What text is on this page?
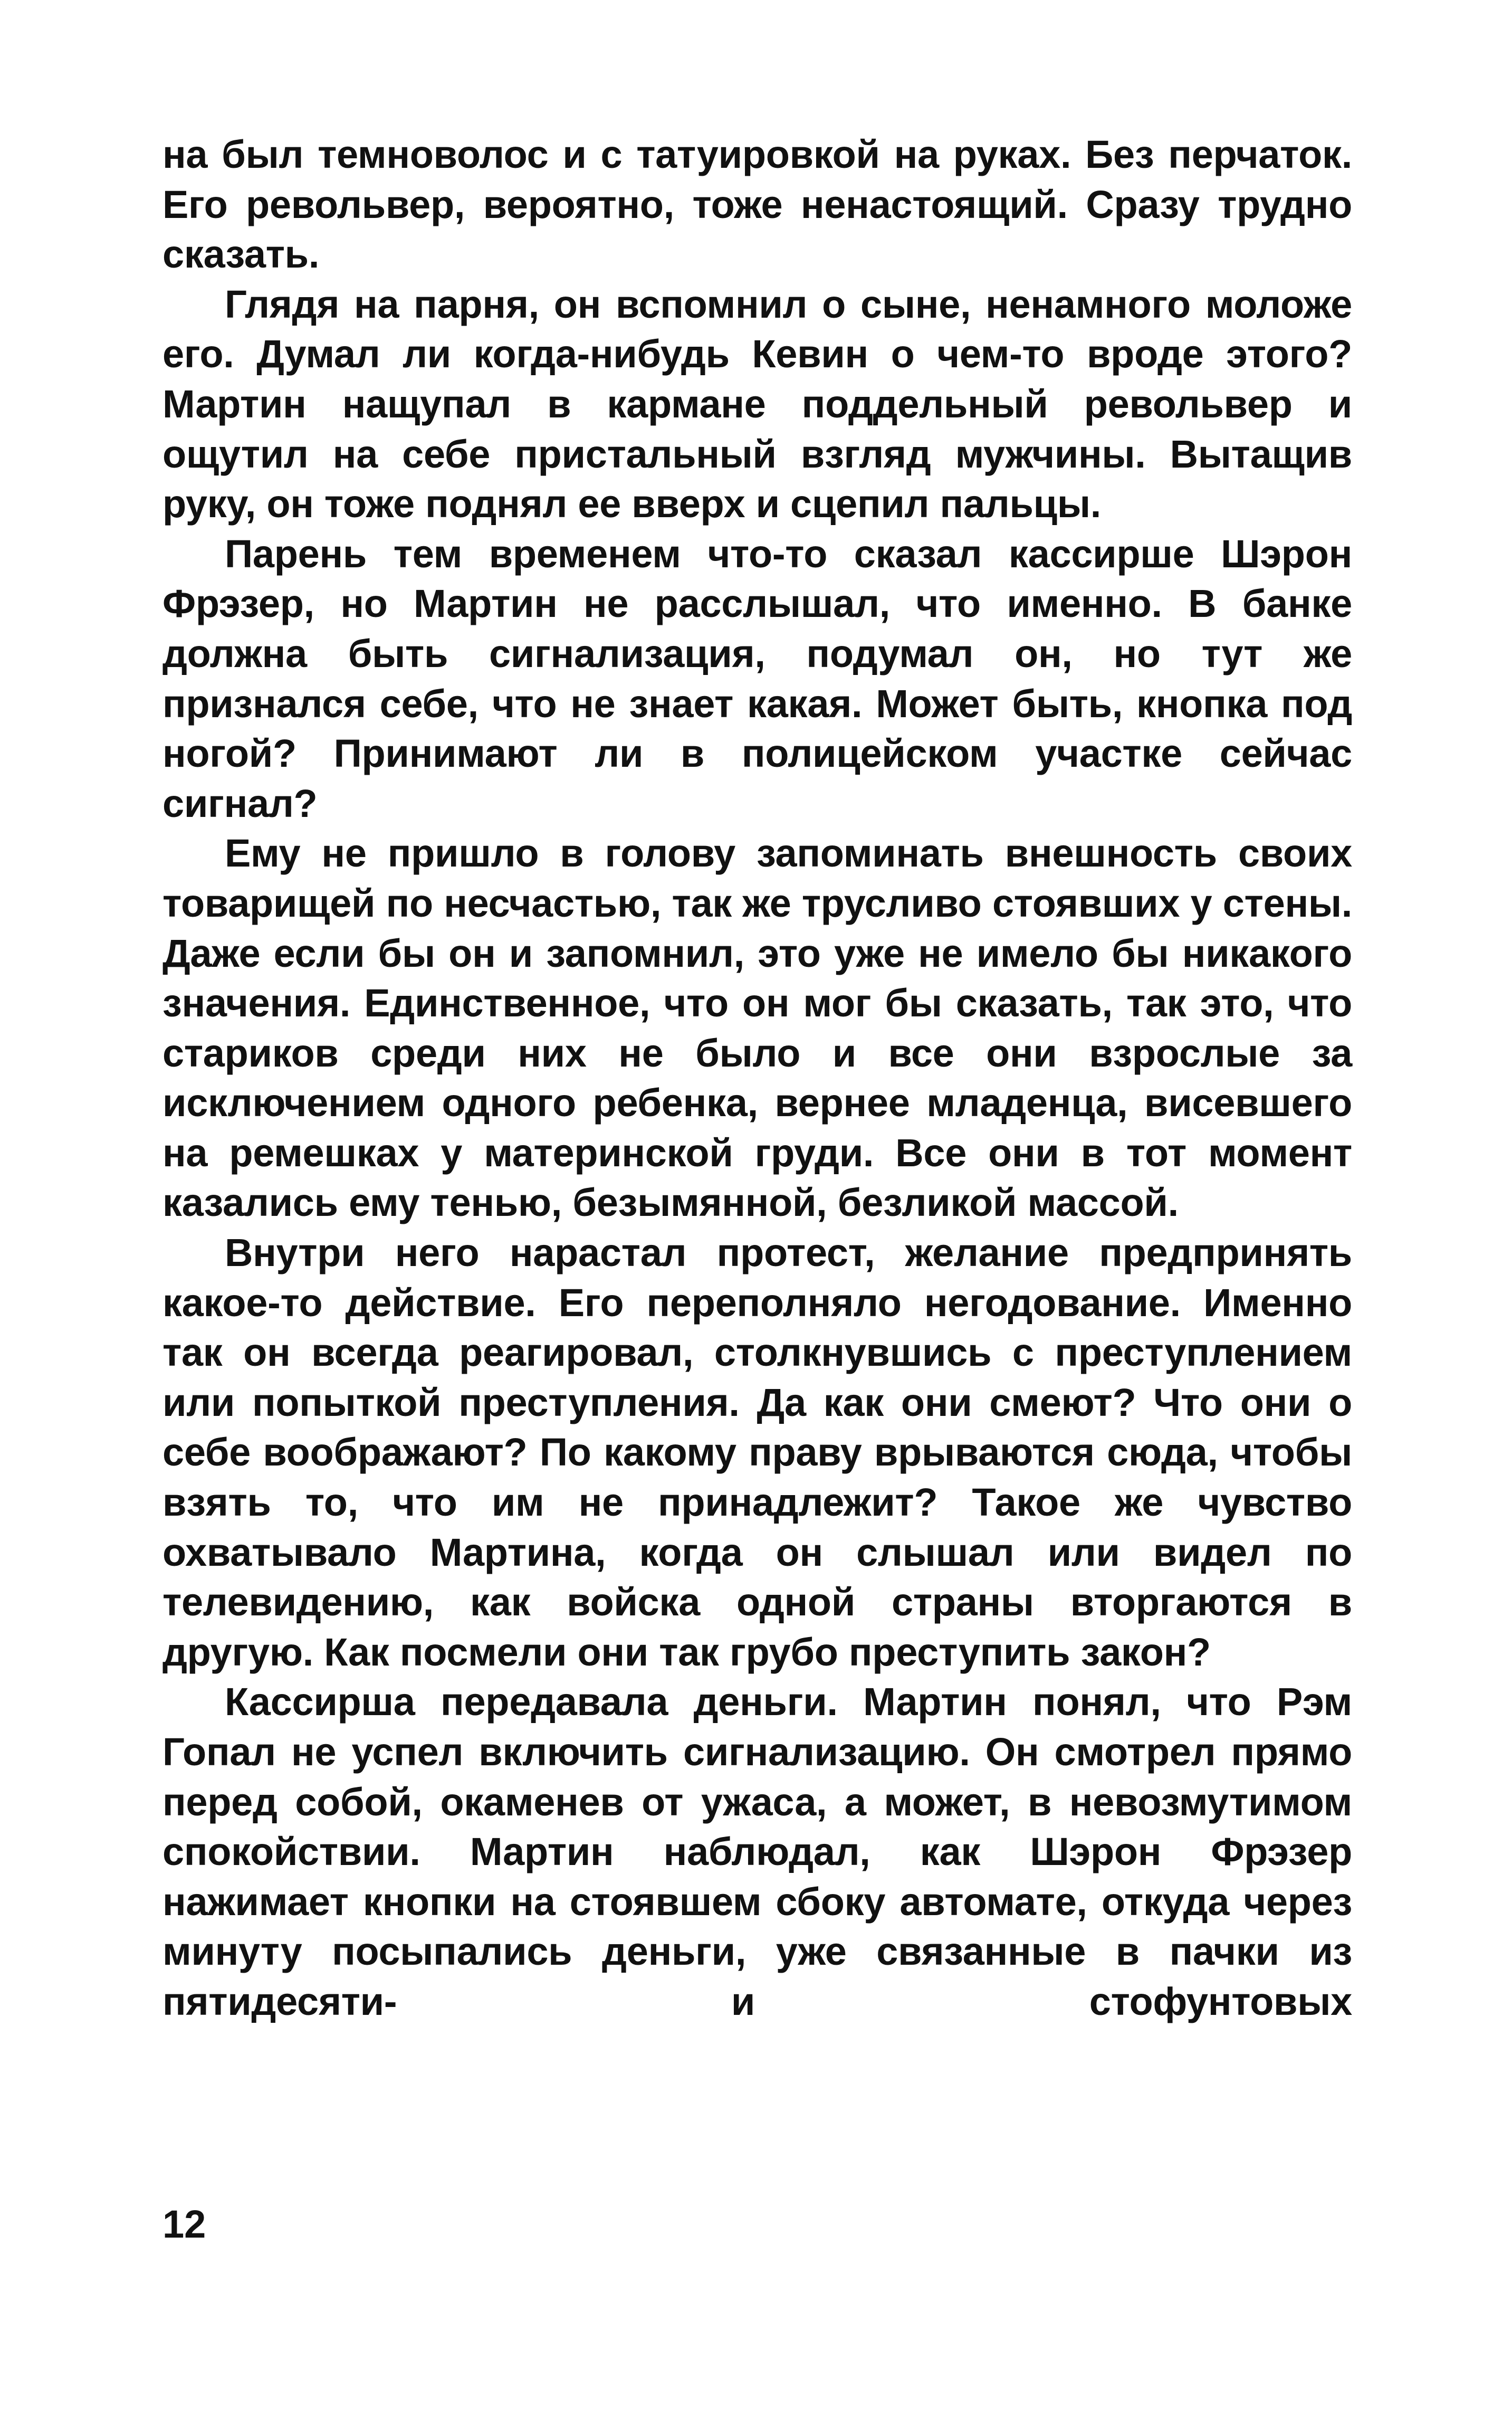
на был темноволос и с татуировкой на руках. Без перчаток. Его револьвер, вероятно, тоже ненастоящий. Сразу трудно сказать.

Глядя на парня, он вспомнил о сыне, ненамного моложе его. Думал ли когда-нибудь Кевин о чем-то вроде этого? Мартин нащупал в кармане поддельный револьвер и ощутил на себе пристальный взгляд мужчины. Вытащив руку, он тоже поднял ее вверх и сцепил пальцы.

Парень тем временем что-то сказал кассирше Шэрон Фрэзер, но Мартин не расслышал, что именно. В банке должна быть сигнализация, подумал он, но тут же признался себе, что не знает какая. Может быть, кнопка под ногой? Принимают ли в полицейском участке сейчас сигнал?

Ему не пришло в голову запоминать внешность своих товарищей по несчастью, так же трусливо стоявших у стены. Даже если бы он и запомнил, это уже не имело бы никакого значения. Единственное, что он мог бы сказать, так это, что стариков среди них не было и все они взрослые за исключением одного ребенка, вернее младенца, висевшего на ремешках у материнской груди. Все они в тот момент казались ему тенью, безымянной, безликой массой.

Внутри него нарастал протест, желание предпринять какое-то действие. Его переполняло негодование. Именно так он всегда реагировал, столкнувшись с преступлением или попыткой преступления. Да как они смеют? Что они о себе воображают? По какому праву врываются сюда, чтобы взять то, что им не принадлежит? Такое же чувство охватывало Мартина, когда он слышал или видел по телевидению, как войска одной страны вторгаются в другую. Как посмели они так грубо преступить закон?

Кассирша передавала деньги. Мартин понял, что Рэм Гопал не успел включить сигнализацию. Он смотрел прямо перед собой, окаменев от ужаса, а может, в невозмутимом спокойствии. Мартин наблюдал, как Шэрон Фрэзер нажимает кнопки на стоявшем сбоку автомате, откуда через минуту посыпались деньги, уже связанные в пачки из пятидесяти- и стофунтовых

12
